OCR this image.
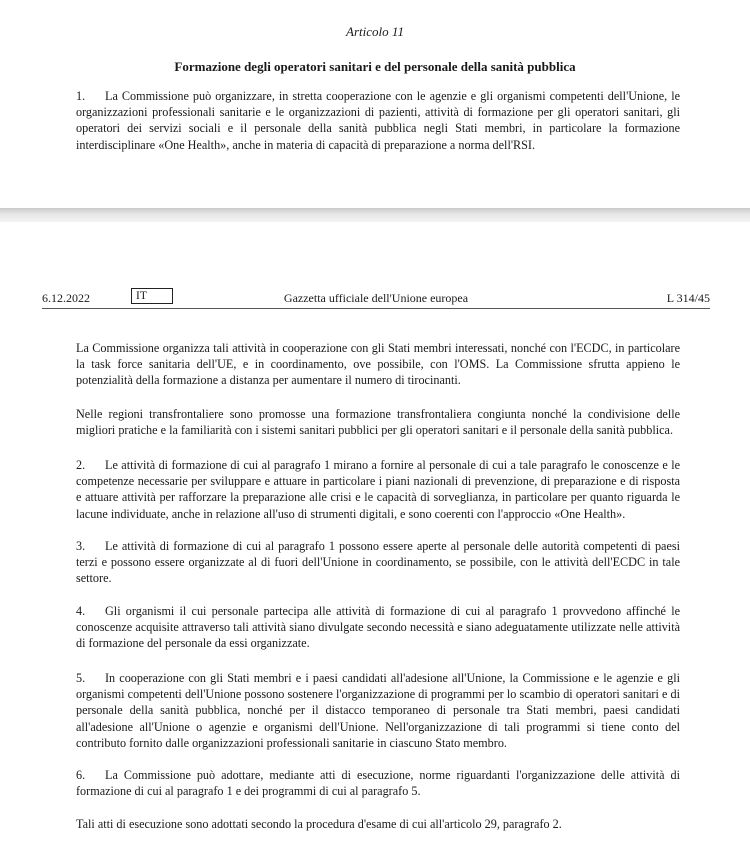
Articolo 11
Formazione degli operatori sanitari e del personale della sanità pubblica

1. La Commissione può organizzare, in stretta cooperazione con le agenzie e gli organismi competenti dell'Unione, le organizzazioni professionali sanitarie e le organizzazioni di pazienti, attività di formazione per gli operatori sanitari, gli operatori dei servizi sociali e il personale della sanità pubblica negli Stati membri, in particolare la formazione interdisciplinare «One Health», anche in materia di capacità di preparazione a norma dell'RSI.

6.12.2022	IT	Gazzetta ufficiale dell'Unione europea	L 314/45

La Commissione organizza tali attività in cooperazione con gli Stati membri interessati, nonché con l'ECDC, in particolare la task force sanitaria dell'UE, e in coordinamento, ove possibile, con l'OMS. La Commissione sfrutta appieno le potenzialità della formazione a distanza per aumentare il numero di tirocinanti.

Nelle regioni transfrontaliere sono promosse una formazione transfrontaliera congiunta nonché la condivisione delle migliori pratiche e la familiarità con i sistemi sanitari pubblici per gli operatori sanitari e il personale della sanità pubblica.

2. Le attività di formazione di cui al paragrafo 1 mirano a fornire al personale di cui a tale paragrafo le conoscenze e le competenze necessarie per sviluppare e attuare in particolare i piani nazionali di prevenzione, di preparazione e di risposta e attuare attività per rafforzare la preparazione alle crisi e le capacità di sorveglianza, in particolare per quanto riguarda le lacune individuate, anche in relazione all'uso di strumenti digitali, e sono coerenti con l'approccio «One Health».

3. Le attività di formazione di cui al paragrafo 1 possono essere aperte al personale delle autorità competenti di paesi terzi e possono essere organizzate al di fuori dell'Unione in coordinamento, se possibile, con le attività dell'ECDC in tale settore.

4. Gli organismi il cui personale partecipa alle attività di formazione di cui al paragrafo 1 provvedono affinché le conoscenze acquisite attraverso tali attività siano divulgate secondo necessità e siano adeguatamente utilizzate nelle attività di formazione del personale da essi organizzate.

5. In cooperazione con gli Stati membri e i paesi candidati all'adesione all'Unione, la Commissione e le agenzie e gli organismi competenti dell'Unione possono sostenere l'organizzazione di programmi per lo scambio di operatori sanitari e di personale della sanità pubblica, nonché per il distacco temporaneo di personale tra Stati membri, paesi candidati all'adesione all'Unione o agenzie e organismi dell'Unione. Nell'organizzazione di tali programmi si tiene conto del contributo fornito dalle organizzazioni professionali sanitarie in ciascuno Stato membro.

6. La Commissione può adottare, mediante atti di esecuzione, norme riguardanti l'organizzazione delle attività di formazione di cui al paragrafo 1 e dei programmi di cui al paragrafo 5.

Tali atti di esecuzione sono adottati secondo la procedura d'esame di cui all'articolo 29, paragrafo 2.
